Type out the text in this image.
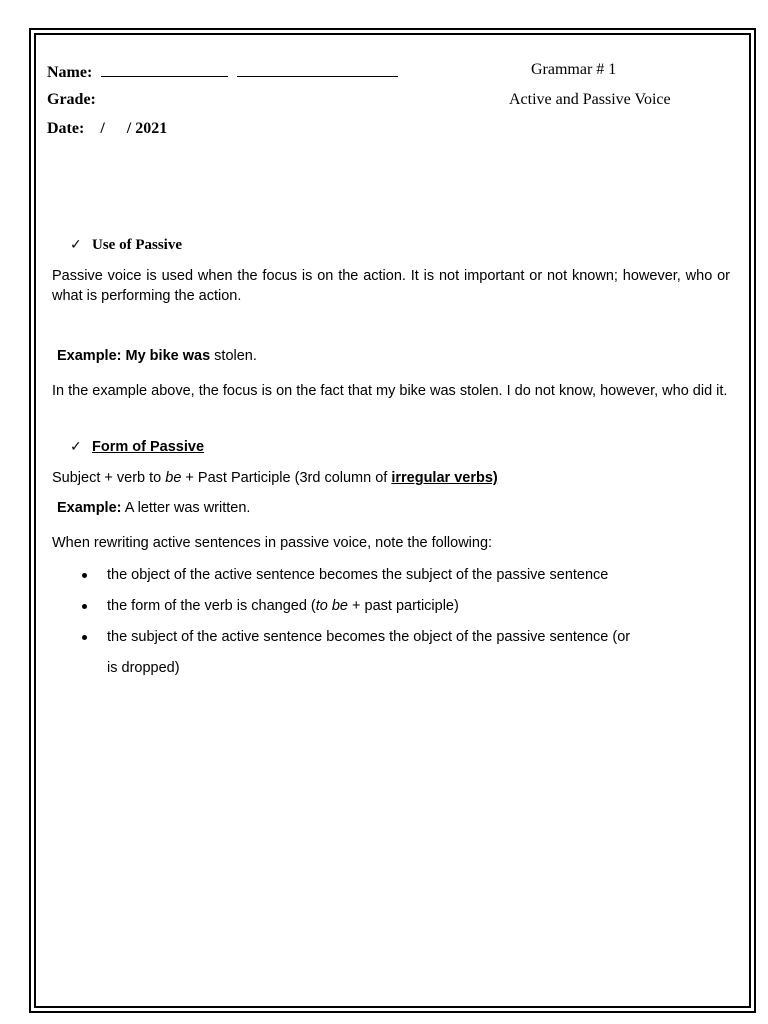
Name:
Grade:
Date: / / 2021
Grammar # 1
Active and Passive Voice
✓ Use of Passive
Passive voice is used when the focus is on the action. It is not important or not known; however, who or what is performing the action.
Example: My bike was stolen.
In the example above, the focus is on the fact that my bike was stolen. I do not know, however, who did it.
✓ Form of Passive
Subject + verb to be + Past Participle (3rd column of irregular verbs)
Example: A letter was written.
When rewriting active sentences in passive voice, note the following:
the object of the active sentence becomes the subject of the passive sentence
the form of the verb is changed (to be + past participle)
the subject of the active sentence becomes the object of the passive sentence (or
is dropped)
